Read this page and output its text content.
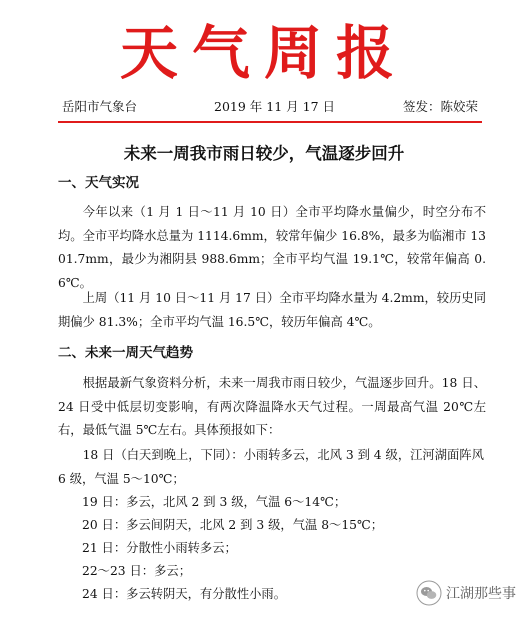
天气周报
岳阳市气象台	2019 年 11 月 17 日	签发：陈姣荣
未来一周我市雨日较少，气温逐步回升
一、天气实况
今年以来（1 月 1 日～11 月 10 日）全市平均降水量偏少，时空分布不均。全市平均降水总量为 1114.6mm，较常年偏少 16.8%，最多为临湘市 1301.7mm，最少为湘阴县 988.6mm；全市平均气温 19.1℃，较常年偏高 0.6℃。
上周（11 月 10 日～11 月 17 日）全市平均降水量为 4.2mm，较历史同期偏少 81.3%；全市平均气温 16.5℃，较历年偏高 4℃。
二、未来一周天气趋势
根据最新气象资料分析，未来一周我市雨日较少，气温逐步回升。18 日、24 日受中低层切变影响，有两次降温降水天气过程。一周最高气温 20℃左右，最低气温 5℃左右。具体预报如下：
18 日（白天到晚上，下同）：小雨转多云，北风 3 到 4 级，江河湖面阵风 6 级，气温 5～10℃；
19 日：多云，北风 2 到 3 级，气温 6～14℃；
20 日：多云间阴天，北风 2 到 3 级，气温 8～15℃；
21 日：分散性小雨转多云；
22～23 日：多云；
24 日：多云转阴天，有分散性小雨。	江湖那些事
